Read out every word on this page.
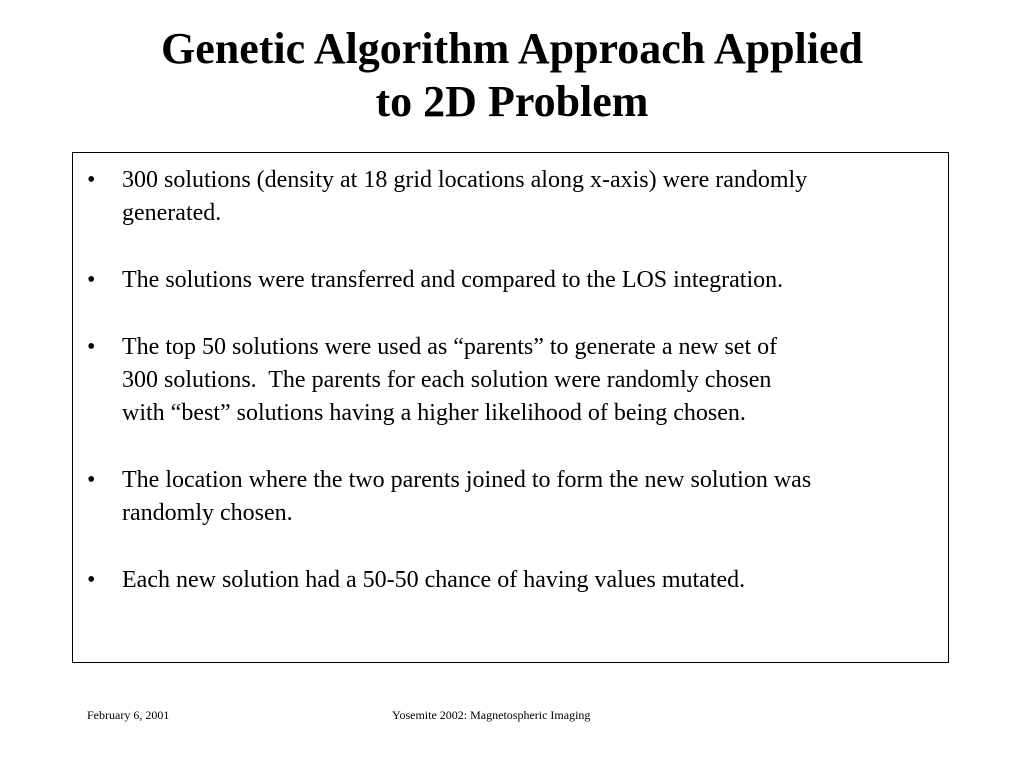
Genetic Algorithm Approach Applied
to 2D Problem
• 300 solutions (density at 18 grid locations along x-axis) were randomly
generated.
• The solutions were transferred and compared to the LOS integration.
• The top 50 solutions were used as “parents” to generate a new set of
300 solutions.  The parents for each solution were randomly chosen
with “best” solutions having a higher likelihood of being chosen.
• The location where the two parents joined to form the new solution was
randomly chosen.
• Each new solution had a 50-50 chance of having values mutated.
February 6, 2001	Yosemite 2002: Magnetospheric Imaging
